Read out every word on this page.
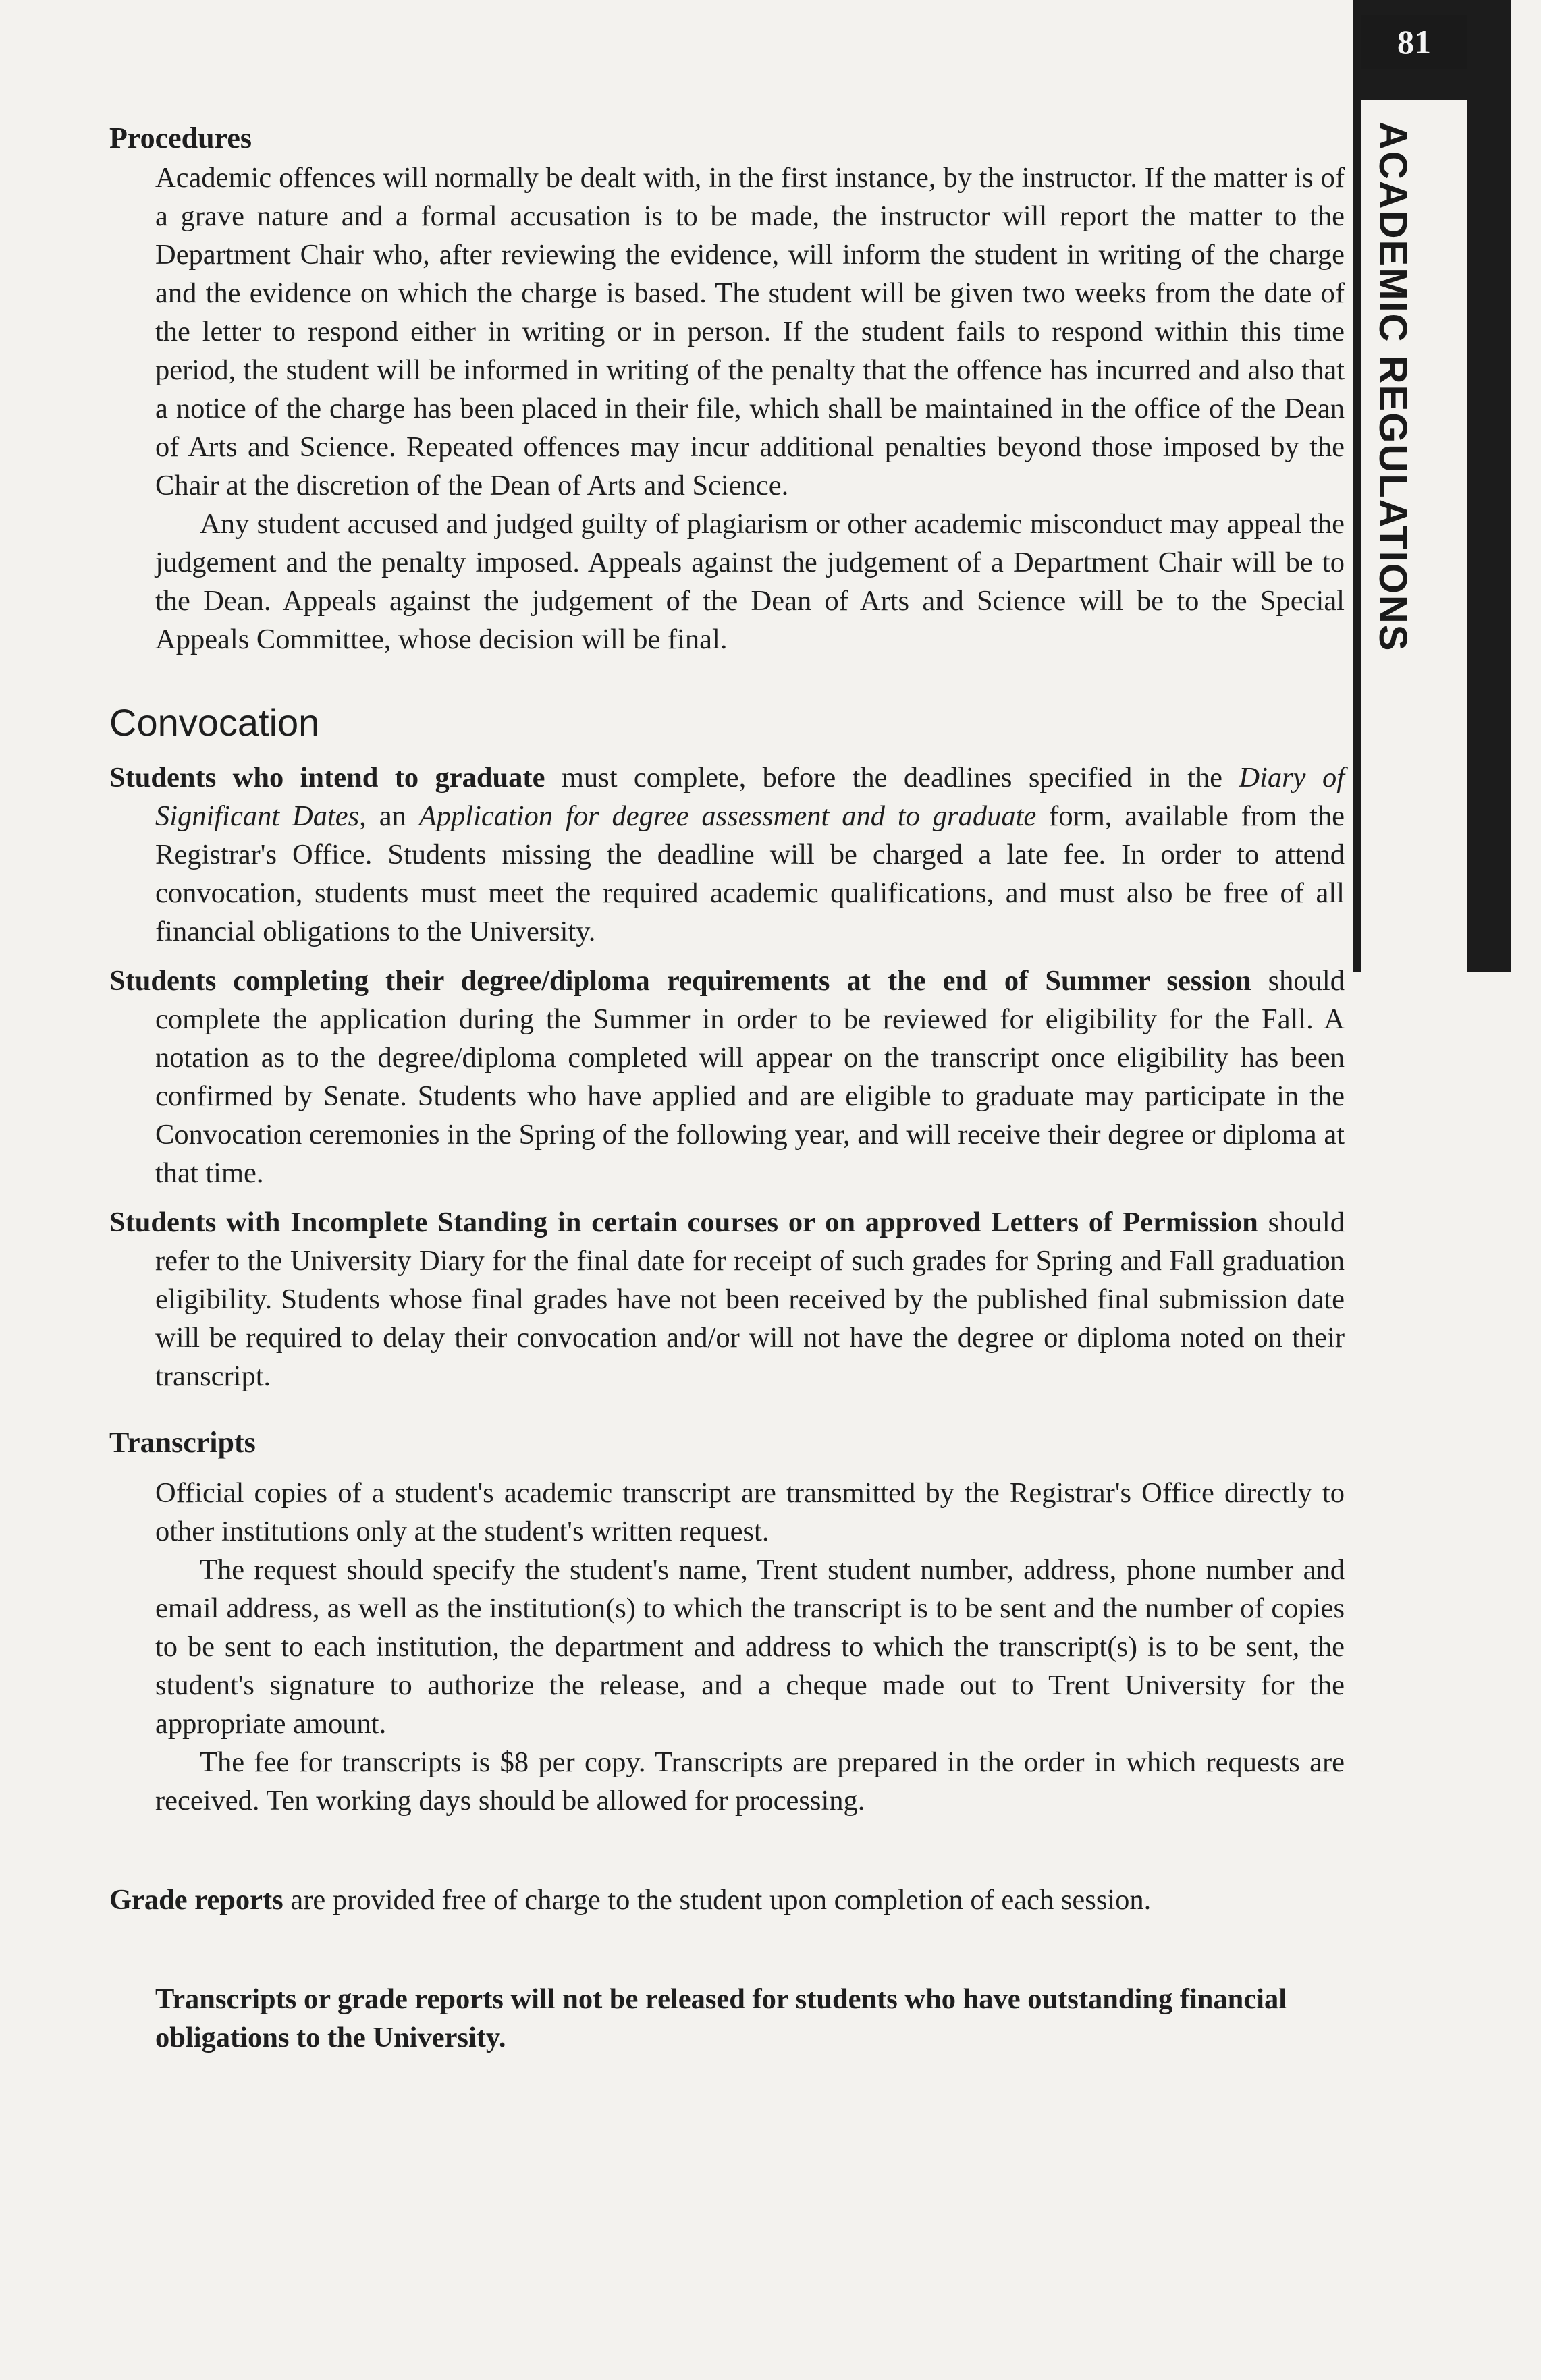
81
ACADEMIC REGULATIONS
Procedures

Academic offences will normally be dealt with, in the first instance, by the instructor. If the matter is of a grave nature and a formal accusation is to be made, the instructor will report the matter to the Department Chair who, after reviewing the evidence, will inform the student in writing of the charge and the evidence on which the charge is based. The student will be given two weeks from the date of the letter to respond either in writing or in person. If the student fails to respond within this time period, the student will be informed in writing of the penalty that the offence has incurred and also that a notice of the charge has been placed in their file, which shall be maintained in the office of the Dean of Arts and Science. Repeated offences may incur additional penalties beyond those imposed by the Chair at the discretion of the Dean of Arts and Science.

Any student accused and judged guilty of plagiarism or other academic misconduct may appeal the judgement and the penalty imposed. Appeals against the judgement of a Department Chair will be to the Dean. Appeals against the judgement of the Dean of Arts and Science will be to the Special Appeals Committee, whose decision will be final.

Convocation

Students who intend to graduate must complete, before the deadlines specified in the Diary of Significant Dates, an Application for degree assessment and to graduate form, available from the Registrar's Office. Students missing the deadline will be charged a late fee. In order to attend convocation, students must meet the required academic qualifications, and must also be free of all financial obligations to the University.

Students completing their degree/diploma requirements at the end of Summer session should complete the application during the Summer in order to be reviewed for eligibility for the Fall. A notation as to the degree/diploma completed will appear on the transcript once eligibility has been confirmed by Senate. Students who have applied and are eligible to graduate may participate in the Convocation ceremonies in the Spring of the following year, and will receive their degree or diploma at that time.

Students with Incomplete Standing in certain courses or on approved Letters of Permission should refer to the University Diary for the final date for receipt of such grades for Spring and Fall graduation eligibility. Students whose final grades have not been received by the published final submission date will be required to delay their convocation and/or will not have the degree or diploma noted on their transcript.

Transcripts

Official copies of a student's academic transcript are transmitted by the Registrar's Office directly to other institutions only at the student's written request.

The request should specify the student's name, Trent student number, address, phone number and email address, as well as the institution(s) to which the transcript is to be sent and the number of copies to be sent to each institution, the department and address to which the transcript(s) is to be sent, the student's signature to authorize the release, and a cheque made out to Trent University for the appropriate amount.

The fee for transcripts is $8 per copy. Transcripts are prepared in the order in which requests are received. Ten working days should be allowed for processing.

Grade reports are provided free of charge to the student upon completion of each session.

Transcripts or grade reports will not be released for students who have outstanding financial obligations to the University.
